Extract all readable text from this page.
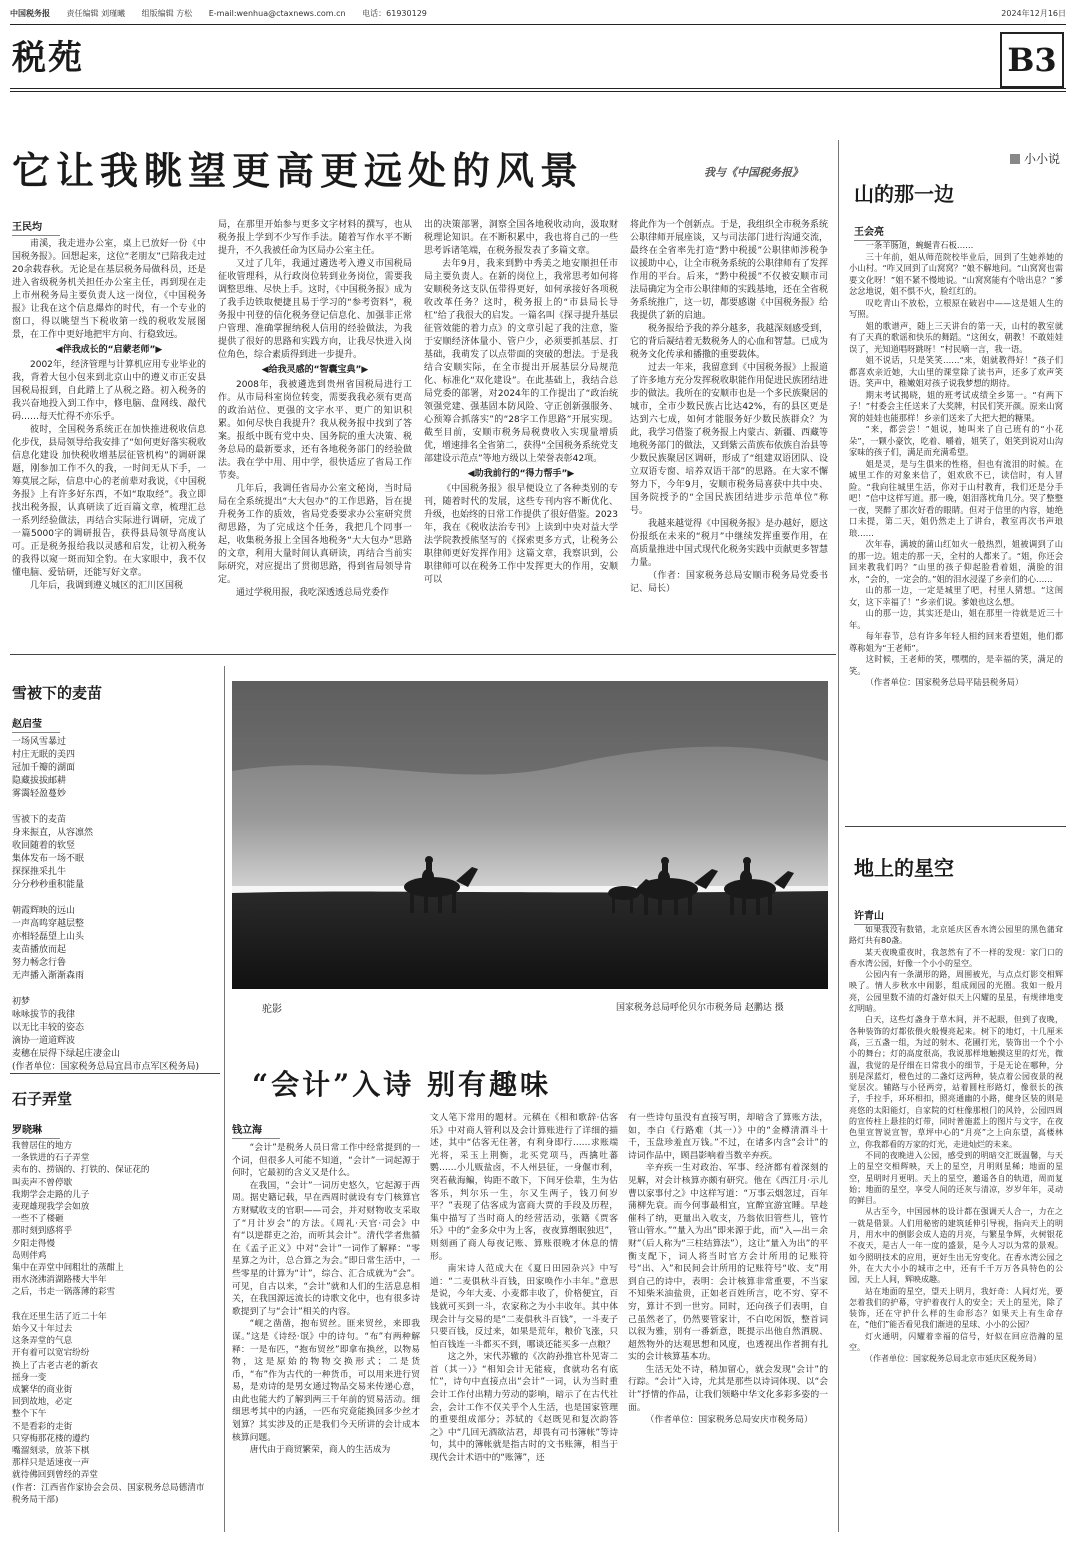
中国税务报 责任编辑 刘瑾曦 组版编辑 方松 E-mail:wenhua@ctaxnews.com.cn 电话：61930129	2024年12月16日
税苑	B3
它让我眺望更高更远处的风景	我与《中国税务报》
王民均

甫溪，我走进办公室，桌上已放好一份《中国税务报》。回想起来，这位“老朋友”已陪我走过20余载春秋。无论是在基层税务局做科员，还是进入省级税务机关担任办公室主任，再到现在走上市州税务局主要负责人这一岗位，《中国税务报》让我在这个信息爆炸的时代，有一个专业的窗口，得以眺望当下税收第一线的税收发展图景，在工作中更好地把牢方向、行稳致远。

◀伴我成长的“启蒙老师”▶

2002年，经济管理与计算机应用专业毕业的我，背着大包小包来到北京山中的遵义市正安县国税局报到，自此踏上了从税之路。初入税务的我兴奋地投入到工作中，修电脑、盘网线、敲代码……每天忙得不亦乐乎。

彼时，全国税务系统正在加快推进税收信息化步伐，县局领导给我安排了“如何更好落实税收信息化建设 加快税收增基层征管机构”的调研课题，刚参加工作不久的我，一时间无从下手，一筹莫展之际，信息中心的老前辈对我说，《中国税务报》上有许多好东西，不如“取取经”。我立即找出税务报，认真研读了近百篇文章，梳理汇总一系列经验做法，再结合实际进行调研，完成了一篇5000字的调研报告，获得县局领导高度认可。正是税务报给我以灵感和启发，让初入税务的我得以窥一斑而知全豹。在大家眼中，我不仅懂电脑、爱钻研，还能写好文章。

几年后，我调到遵义城区的汇川区国税

局，在那里开始参与更多文字材料的撰写，也从税务报上学到不少写作手法。随着写作水平不断提升，不久我被任命为区局办公室主任。

又过了几年，我通过遴选考入遵义市国税局征收管理科，从行政岗位转到业务岗位，需要我调整思维、尽快上手。这时，《中国税务报》成为了我手边铁取便捷且易于学习的“参考资料”，税务报中刊登的信化税务登记信息化、加强非正常户管理、准确掌握纳税人信用的经验做法，为我提供了很好的思路和实践方向，让我尽快进入岗位角色，综合素质得到进一步提升。

◀给我灵感的“智囊宝典”▶

2008年，我被遴选到贵州省国税局进行工作。从市局科室岗位转变，需要我我必须有更高的政治站位、更强的文字水平、更广的知识积累。如何尽快自我提升？我从税务报中找到了答案。报纸中既有党中央、国务院的重大决策、税务总局的最新要求，还有各地税务部门的经验做法。我在学中用、用中学，很快适应了省局工作节奏。

几年后，我调任省局办公室文秘岗，当时局局在全系统提出“大大包办”的工作思路，旨在提升税务工作的质效，省局党委要求办公室研究贯彻思路，为了完成这个任务，我把几个同事一起，收集税务报上全国各地税务“大大包办”思路的文章，利用大量时间认真研读，再结合当前实际研究，对应提出了贯彻思路，得到省局领导肯定。

通过学税用报，我吃深透透总局党委作

出的决策部署，洞察全国各地税收动向，汲取财税理论知识。在不断积累中，我也将自己的一些思考诉诸笔端，在税务报发表了多篇文章。

去年9月，我来到黔中秀美之地安顺担任市局主要负责人。在新的岗位上，我常思考如何将安顺税务这支队伍带得更好，如何承接好各项税收改革任务？这时，税务报上的“市县局长导杠”给了我很大的启发。一篇名叫《探寻提升基层征管效能的着力点》的文章引起了我的注意，鉴于安顺经济体量小、管户少，必须要抓基层、打基础，我萌发了以点带面的突破的想法。于是我结合安顺实际，在全市提出开展基层分局规范化、标准化“双化建设”。在此基础上，我结合总局党委的部署，对2024年的工作提出了“政治统领强党建、强基固本防风险、守正创新强服务、心预筹合抓落实”的“28字工作思路”开展实现。截至目前，安顺市税务局税费收入实现量增质优，增速排名全省第二，获得“全国税务系统党支部建设示范点”等地方级以上荣誉表彰42项。

◀助我前行的“得力帮手”▶

《中国税务报》很早便设立了各种类别的专刊，随着时代的发展，这些专刊内容不断优化、升级，也始终的日常工作提供了很好借鉴。2023年，我在《税收法治专刊》上读到中央对益大学法学院教授熊坚写的《探索更多方式，让税务公职律师更好发挥作用》这篇文章，我察识到，公职律师可以在税务工作中发挥更大的作用，安顺可以

将此作为一个创新点。于是，我组织全市税务系统公职律师开展座谈，又与司法部门进行沟通交流，最终在全省率先打造“黔中税援”公职律师涉税争议援助中心，让全市税务系统的公职律师有了发挥作用的平台。后来，“黔中税援”不仅被安顺市司法局确定为全市公职律师的实践基地，还在全省税务系统推广，这一切，都要感谢《中国税务报》给我提供了新的启迪。

税务报给予我的养分越多，我越深刻感受到，它的背后凝结着无数税务人的心血和智慧。已成为税务文化传承和播撒的重要载体。

过去一年来，我留意到《中国税务报》上报道了许多地方充分发挥税收职能作用促进民族团结进步的做法。我所在的安顺市也是一个多民族聚居的城市，全市少数民族占比达42%，有的县区更是达到六七成，如何才能服务好少数民族群众？为此，我学习借鉴了税务报上内蒙古、新疆、西藏等地税务部门的做法，又到紫云苗族布依族自治县等少数民族聚居区调研，形成了“组建双语团队、设立双语专窗、培养双语干部”的思路。在大家不懈努力下，今年9月，安顺市税务局喜获中共中央、国务院授予的“全国民族团结进步示范单位”称号。

我越来越觉得《中国税务报》是办越好，愿这份报纸在未来的“税月”中继续发挥重要作用，在高质量推进中国式现代化税务实践中贡献更多智慧力量。

（作者：国家税务总局安顺市税务局党委书记、局长）

小小说
山的那一边
王会亮

一条羊肠道，蜿蜒青石板……

三十年前，姐从师范院校毕业后，回到了生她养她的小山村。“咋又回到了山窝窝？”娘不解地问。“山窝窝也需要文化呀！”姐不紧不慢地说。“山窝窝能有个啥出息？”爹忿忿地说，姐不惧不火，脸红红的。

叹吃青山不放松，立根原在破岩中——这是姐人生的写照。

姐的歌谱声，随上三天讲台的第一天，山村的教室就有了天真的歌谣和快乐的舞蹈。“这闺女，朝教！不敢娃娃误了，光知道唱呀跳呀！”村民嘀一言，我一语。

姐不说话，只是笑笑……“来，姐就教得好！”孩子们都喜欢亲近她，大山里的课堂除了读书声，还多了欢声笑语。笑声中，稚嫩姐对孩子说我梦想的期待。

期末考试揭晓，姐的班考试成绩全乡第一。“有两下子！”村委会主任送来了大奖牌，村民们笑开颜。原来山窝窝的娃娃也能那样！乡亲们送来了大把大把的糖果。

“来，都尝尝！”姐说，她叫来了自己班有的“小花朵”，一颗小豪饮，吃着、嚼着，姐笑了，姐笑到说对山沟家味的孩子们，满足而充满希望。

姐是灵，是与生俱来的性格，但也有流泪的时候。在城里工作的对象来信了，姐欢欣不已，读信时，有人冒险。“我向往城里生活，你对于山村教育，我们还是分手吧！”信中这样写道。那一晚，姐泪落枕角几分。哭了整整一夜，哭醉了那次好看的眼睛。但对于信里的内容，她绝口未提，第二天，姐仍然走上了讲台，教室再次书声琅琅……

次年春，满坡的蒲山红如火一般热烈，姐被调到了山的那一边。姐走的那一天，全村的人都来了。“姐，你还会回来教我们吗？”山里的孩子仰起脸看着姐，满脸的泪水，“会的，一定会的。”姐的泪水浸湿了乡亲们的心……

山的那一边，一定是城里了吧，村里人猜想。“这闺女，这下幸福了！”乡亲们说。爹娘也这么想。

山的那一边，其实还是山，姐在那里一待就是近三十年。

每年春节，总有许多年轻人相约回来看望姐，他们都尊称姐为“王老师”。

这时候，王老师的笑，嘿嘿的，是幸福的笑，满足的笑。

（作者单位：国家税务总局平陆县税务局）

地上的星空
许青山

如果我没有数错，北京延庆区香水湾公园里的黑色蒲耷路灯共有80盏。

某天夜晚重夜时，我忽然有了不一样的发现：家门口的香水湾公园，好像一个小小的星空。

公园内有一条湖形的路，周围被光，与点点灯影交相辉映了。情人步秋水中闹影，组成闹园的光圈。我如一般月亮，公园里数不清的灯盏好似天上闪耀的星星，有规律地变幻明暗。

白天，这些灯盏身于草木间，并不起眼，但到了夜晚，各种装饰的灯都依偎火般慢亮起来。树下的地灯，十几厘米高，三五盏一组，为过的射木、花圃打光，装饰出一个个小小的舞台；灯的高度很高，我说那样地触摸这里的灯光，微温，我觉的是仔细在日常我小的细节，于是无论在哪种，分别是深蓝灯，橙色过的二盏灯这两种，装点着公园夜景的视觉层次。辅路与小径两旁，站着圆柱形路灯，像很长的孩子，手拉手，环环相扣，照亮通幽的小路，健身区装的则是亮悠的太阳能灯，自家院的灯柱像那根门的风铃，公园四周的宣传柱上悬挂的灯带，同时普施蓝上的图片与文字，在夜色里宣智说宣智，草坪中心的“月亮”之上向东望，高楼林立，你我都看的万家的灯光，走进灿烂的未来。

不同的夜晚进入公园，感受到的明暗交汇既温馨，与天上的星空交相辉映，天上的星空，月明则星稀；地面的星空，星明时月更明。天上的星空，邀遥各自的轨道，周而复始；地面的星空，享受人间的还灰与清凉，岁岁年年，灵动的鲜目。

从古至今，中国园林的设计都在强调天人合一，力在之一就是借景。人们用秘密的建筑延伸引导视，指向天上的明月，用水中的倒影会成人造的月亮，与繁星争辉，火树银花不夜天，是古人一年一度的盛景，是今人习以为常的景观。如今照明技术的应用，更好生出无穷变化。在香水湾公园之外，在大大小小的城市之中，还有千千万万各具特色的公园，天上人间，辉映成趣。

站在地面的星空，望天上明月，我好奇：人间灯光，要怎着我们的护幕，守护着夜行人的安全；天上的星光，除了装饰，还在守护什么样的生命形态？如果天上有生命存在，“他们”能否看见我们渐进的星球、小小的公园？

灯火通明，闪耀着幸福的信号，好似在回应浩瀚的星空。

（作者单位：国家税务总局北京市延庆区税务局）

雪被下的麦苗
赵启莹
一场风雪暴过
村庄无眠的美四
冠加千瓣的湖面
隐藏拔拔邮耕
雾霭轻盈蔓妙

雪被下的麦苗
身来振直，从容凛然
收回随着的软竖
集体发布一场不眠
探探推采扎牛
分分秒秒重积能量

朝霞辉映的远山
一声高鸣穿越层整
亦相轻磊望上山头
麦苗播放而起
努力畅念行鲁
无声播入渐渐森雨

初梦
咏咏拔节的我律
以无比丰较的姿态
滴协一道道辉波
麦穗在辰得下绿起庄凄金山
(作者单位：国家税务总局宜昌市点军区税务局)
石子弄堂
罗晓琳
我曾居住的地方
一条铁进的石子弄堂
卖布的、捞锅的、打铁的、保证花的
叫卖声不曾停歇
我期学会走路的儿子
麦现雄现我学会如放
一些不了楼砸
那时刻到感将乎
夕阳走得慢
岛则伴鸡
集中在弄堂中间粗壮的蒸酣上
雨水浇沸消湖路楼大半年
之后，书走一锅落薄的彩雪

我在还里生活了近二十年
始今又十年过去
这条弄堂的气息
开有着可以宽宕纷纷
换上了古老古老的新衣
摇身一变
成繁华的商业街
回到故地，必定
整个下午
不是看彩的走街
只穿梅那花楼的遵约
嘴溜刻录，放茶下棋
那样只是适速夜一声
就待佛回到曾经的弄堂
(作者：江西省作家协会会员、国家税务总局德清市税务局干部)
驼影	国家税务总局呼伦贝尔市税务局 赵鹏达 摄
“会计”入诗 别有趣味
钱立海

“会计”是税务人员日常工作中经常提到的一个词，但很多人可能不知道，“会计”一词起源于何时，它最初的含义又是什么。

在我国，“会计”一词历史悠久，它起源于西周。据史籍记载，早在西周时就设有专门核算官方财赋收支的官职——司会，并对财物收支采取了“月计岁会”的方法。《周礼·天官·司会》中有“以逆群吏之治，而听其会计”。清代学者焦循在《孟子正义》中对“会计”一词作了解释：“零星算之为计，总合算之为会。”即日常生活中，一些零星的计算为“计”，综合、汇合成就为“会”。可见，自古以来，“会计”就和人们的生活息息相关，在我国源远流长的诗歌文化中，也有很多诗歌提到了与“会计”相关的内容。

“岘之凿凿，抱布贸丝。匪来贸丝，来即我谋。”这是《诗经·氓》中的诗句。“布”有两种解释：一是布匹，“抱布贸丝”即拿布换丝，以物易物，这是原始的物物交换形式；二是货币，“布”作为古代的一种货币，可以用来进行贸易，是劝诗的是男女通过物品交易来传递心意，由此也能大约了解到两三千年前的贸易活动。细细思考其中的内涵，一匹布究竟能换回多少丝才划算？其实涉及的正是我们今天所讲的会计成本核算问题。

唐代由于商贸繁荣，商人的生活成为

文人笔下常用的题材。元稹在《相和歌辞·估客乐》中对商人管利以及会计算账进行了详细的描述，其中“估客无住著，有利身即行……求账端光将，采玉上荆衡，北买党项马，西擒吐蕃鹦……小儿贩盐卤，不人州县征，一身偃市利，突若截海鳊，钩距不敢下，下间牙侩辈，生为估客乐，判尔乐一生，尔又生两子，钱刀何岁平？”表现了估客成为富商大贾的手段及历程，集中描写了当时商人的经营活动，张籍《贾客乐》中的“金多众中为上客，夜夜算缗眠独迟”，则刻画了商人每夜记账、算账很晚才休息的情形。

南宋诗人范成大在《夏日田园杂兴》中写道：“二麦俱秋斗百钱，田家唤作小丰年。”意思是说，今年大麦、小麦都丰收了，价格便宜，百钱就可买到一斗，农家称之为小丰收年。其中体现会计与交易的是“二麦俱秋斗百钱”，一斗麦子只要百钱，反过来，如果是荒年，粮价飞涨，只怕百钱连一斗都买不到，哪谈还能买多一点粮？

这之外，宋代苏辙的《次韵孙推官朴见寄二首（其一）》“相知会计无能疲，食就功名有底忙”，诗句中直接点出“会计”一词，认为当时重会计工作付出精力劳动的影响，暗示了在古代社会，会计工作不仅关乎个人生活，也是国家管理的重要组成部分；苏轼的《赵既见和复次韵答之》中“几回无酒欲沽君，却畏有司书簿帐”等诗句，其中的簿帐就是指古时的文书账簿，相当于现代会计术语中的“账簿”，还

有一些诗句虽没有直接写明，却暗含了算账方法，如，李白《行路难（其一）》中的“金樽清酒斗十千，玉盘珍羞直万钱。”不过，在诸多内含“会计”的诗词作品中，顾昌影响着当数辛弃疾。

辛弃疾一生对政治、军事、经济都有着深刻的见解，对会计核算亦颇有研究。他在《西江月·示儿曹以家事付之》中这样写道：“万事云烟忽过，百年蒲柳先衰。而今何事最相宜，宜醉宜游宜睡。早趁催科了纳，更量出入收支，乃翁依旧管些儿，管竹管山管水。”“量入为出”即来源于此，而“入—出＝余财”（后人称为“三柱结算法”），这让“量入为出”的平衡支配下，词人将当时官方会计所用的记账符号“出、入”和民间会计所用的记账符号“收、支”用到自己的诗中，表明：会计核算非常重要，不当家不知柴米油盐贵，正如老百姓所言，吃不穷、穿不穷，算计不到一世穷。同时，还向孩子们表明，自己虽然老了，仍然要管家计，不白吃闲饭，整首词以叙为雅，别有一番新意，既提示出他自然洒脱、超然物外的达观思想和风度，也透视出作者拥有扎实的会计核算基本功。

生活无处不诗，稍加留心，就会发现“会计”的行踪。“会计”入诗，尤其是那些以诗词体现、以“会计”抒情的作品，让我们领略中华文化多彩多姿的一面。

（作者单位：国家税务总局安庆市税务局）
